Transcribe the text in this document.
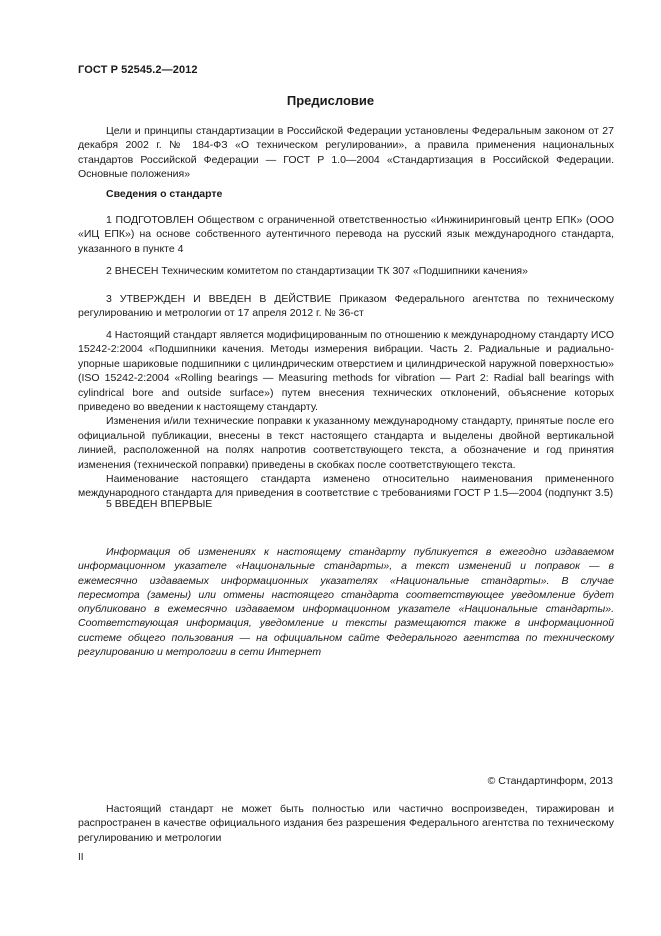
ГОСТ Р 52545.2—2012
Предисловие

Цели и принципы стандартизации в Российской Федерации установлены Федеральным законом от 27 декабря 2002 г. № 184-ФЗ «О техническом регулировании», а правила применения национальных стандартов Российской Федерации — ГОСТ Р 1.0—2004 «Стандартизация в Российской Федерации. Основные положения»

Сведения о стандарте

1 ПОДГОТОВЛЕН Обществом с ограниченной ответственностью «Инжиниринговый центр ЕПК» (ООО «ИЦ ЕПК») на основе собственного аутентичного перевода на русский язык международного стандарта, указанного в пункте 4

2 ВНЕСЕН Техническим комитетом по стандартизации ТК 307 «Подшипники качения»

3 УТВЕРЖДЕН И ВВЕДЕН В ДЕЙСТВИЕ Приказом Федерального агентства по техническому регулированию и метрологии от 17 апреля 2012 г. № 36-ст

4 Настоящий стандарт является модифицированным по отношению к международному стандарту ИСО 15242-2:2004 «Подшипники качения. Методы измерения вибрации. Часть 2. Радиальные и радиально-упорные шариковые подшипники с цилиндрическим отверстием и цилиндрической наружной поверхностью» (ISO 15242-2:2004 «Rolling bearings — Measuring methods for vibration — Part 2: Radial ball bearings with cylindrical bore and outside surface») путем внесения технических отклонений, объяснение которых приведено во введении к настоящему стандарту.

Изменения и/или технические поправки к указанному международному стандарту, принятые после его официальной публикации, внесены в текст настоящего стандарта и выделены двойной вертикальной линией, расположенной на полях напротив соответствующего текста, а обозначение и год принятия изменения (технической поправки) приведены в скобках после соответствующего текста.

Наименование настоящего стандарта изменено относительно наименования примененного международного стандарта для приведения в соответствие с требованиями ГОСТ Р 1.5—2004 (подпункт 3.5)

5 ВВЕДЕН ВПЕРВЫЕ

Информация об изменениях к настоящему стандарту публикуется в ежегодно издаваемом информационном указателе «Национальные стандарты», а текст изменений и поправок — в ежемесячно издаваемых информационных указателях «Национальные стандарты». В случае пересмотра (замены) или отмены настоящего стандарта соответствующее уведомление будет опубликовано в ежемесячно издаваемом информационном указателе «Национальные стандарты». Соответствующая информация, уведомление и тексты размещаются также в информационной системе общего пользования — на официальном сайте Федерального агентства по техническому регулированию и метрологии в сети Интернет

© Стандартинформ, 2013

Настоящий стандарт не может быть полностью или частично воспроизведен, тиражирован и распространен в качестве официального издания без разрешения Федерального агентства по техническому регулированию и метрологии

II
